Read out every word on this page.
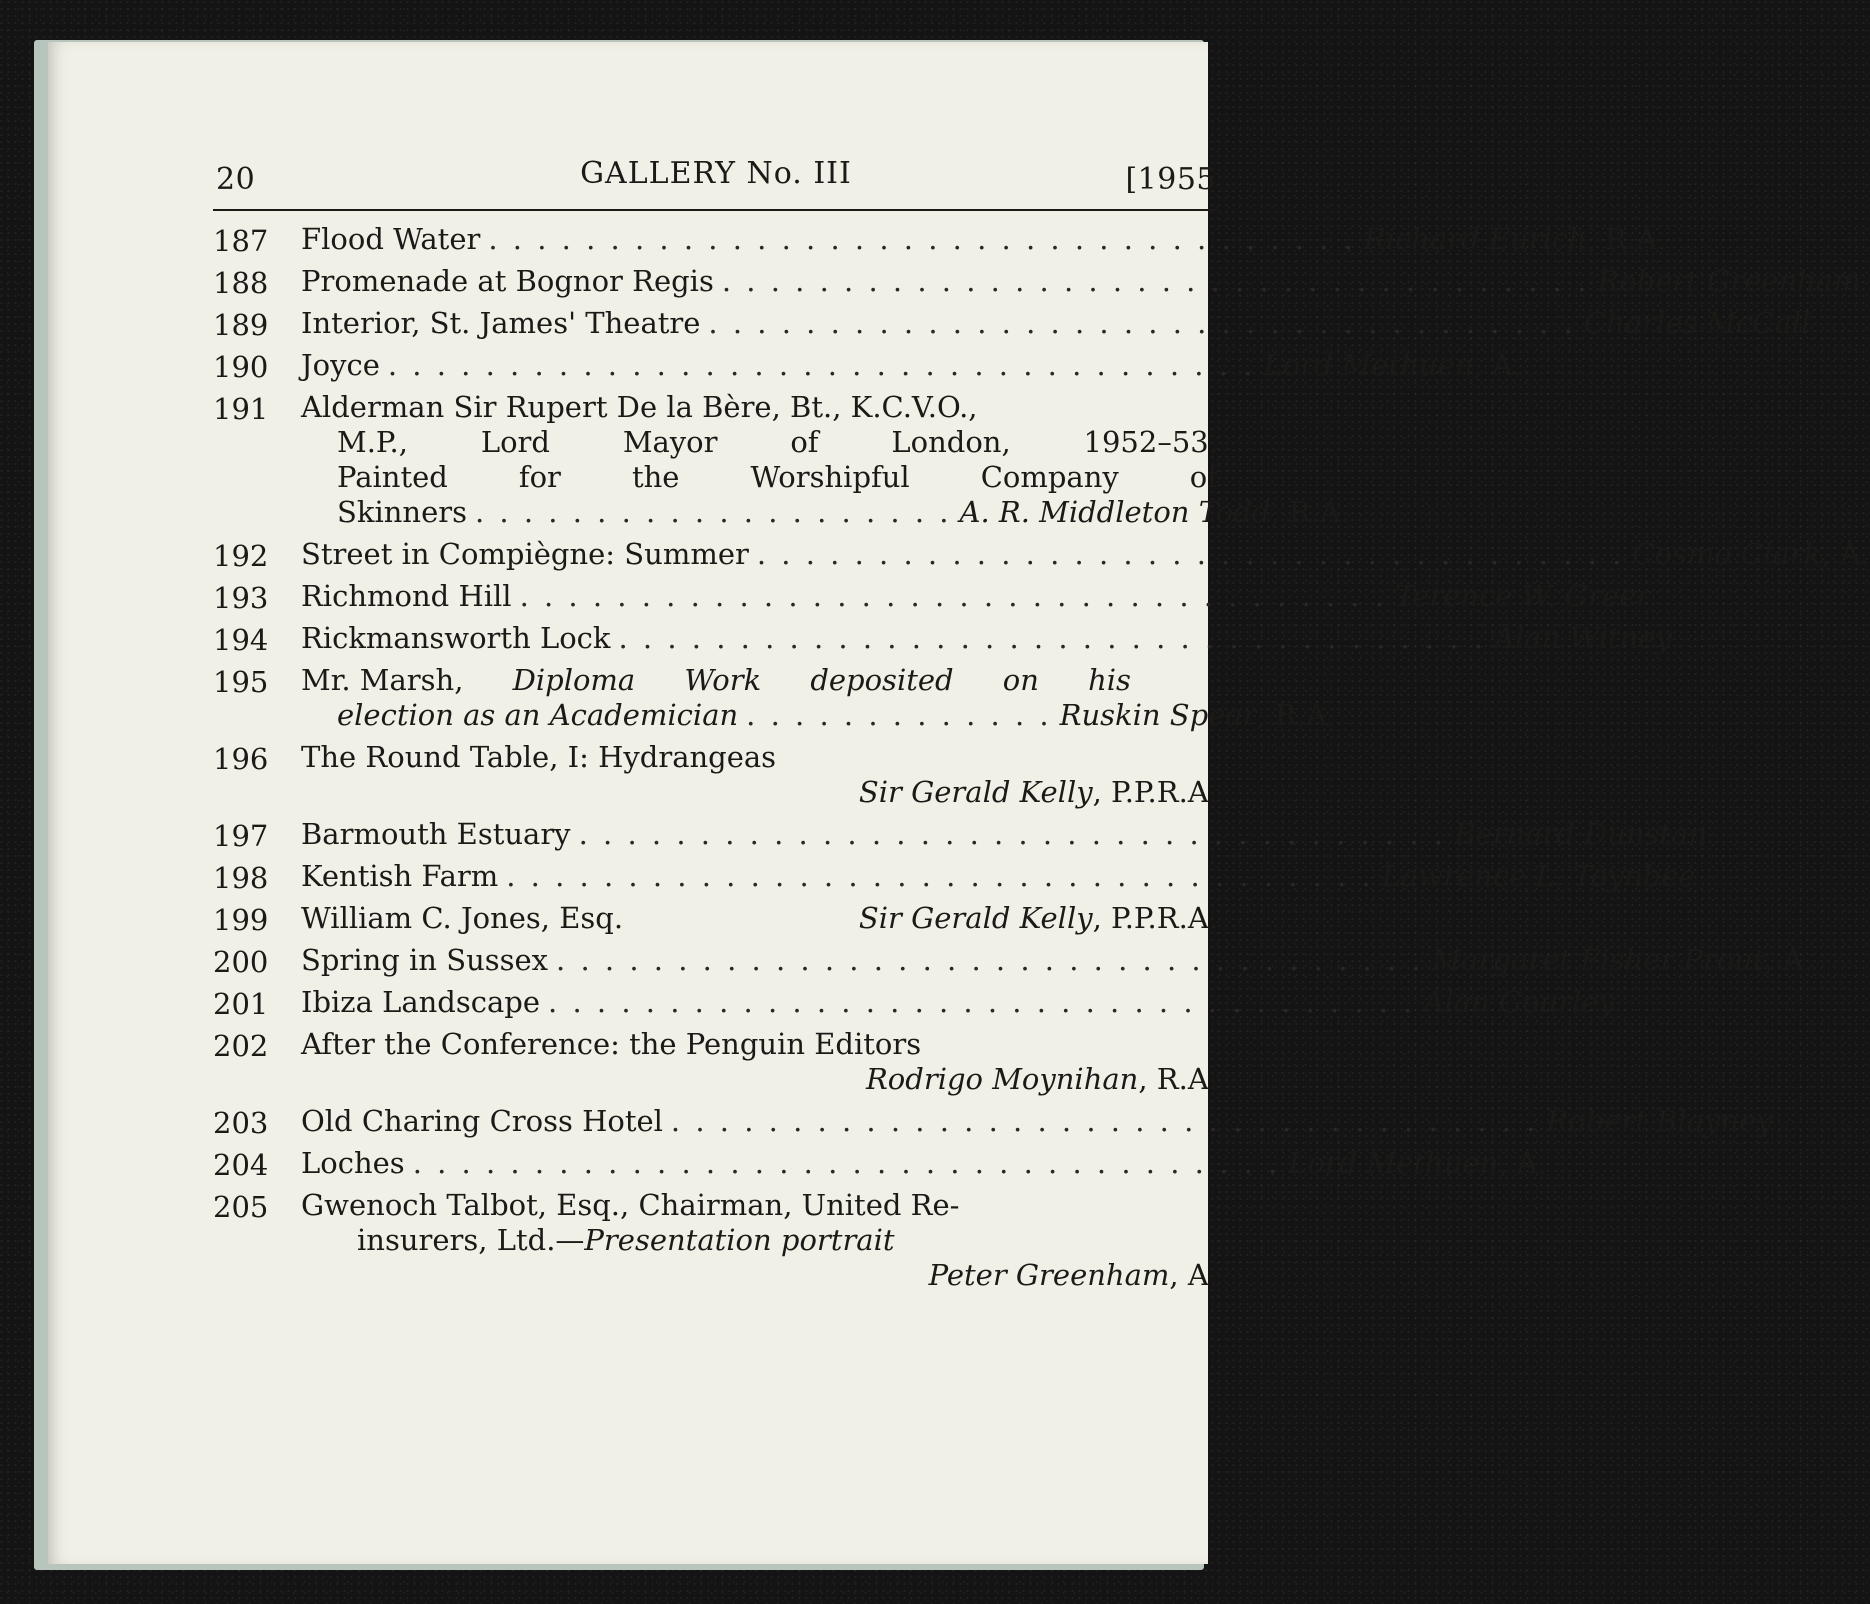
20	GALLERY No. III	[1955
187 Flood Water . . . . . . . . . . . . . . . . . . . . . . . . . . . . . . . . . . . . Richard Eurich, R.A.
188 Promenade at Bognor Regis . . . . . . . . . . . . . . . . . . . . . . . . . . . . . . . . . . . . Robert Greenham
189 Interior, St. James' Theatre . . . . . . . . . . . . . . . . . . . . . . . . . . . . . . . . . . . . Charles McCall
190 Joyce . . . . . . . . . . . . . . . . . . . . . . . . . . . . . . . . . . . . Lord Methuen, A.
191 Alderman Sir Rupert De la Bère, Bt., K.C.V.O.,
M.P.,	Lord	Mayor	of	London,	1952–53.
Painted for the Worshipful Company of
Skinners . . . . . . . . . . . . . . . . . . . . A. R. Middleton Todd, R.A.
192 Street in Compiègne: Summer . . . . . . . . . . . . . . . . . . . . . . . . . . . . . . . . . . . . Cosmo Clark, A.
193 Richmond Hill . . . . . . . . . . . . . . . . . . . . . . . . . . . . . . . . . . . . Terence W. Greer
194 Rickmansworth Lock . . . . . . . . . . . . . . . . . . . . . . . . . . . . . . . . . . . . Alan Witney
195 Mr. Marsh, Diploma Work deposited on his
election as an Academician . . . . . . . . . . . . . Ruskin Spear, R.A.
196 The Round Table, I: Hydrangeas
Sir Gerald Kelly, P.P.R.A.
197 Barmouth Estuary . . . . . . . . . . . . . . . . . . . . . . . . . . . . . . . . . . . . Bernard Dunstan
198 Kentish Farm . . . . . . . . . . . . . . . . . . . . . . . . . . . . . . . . . . . . Lawrence L. Toynbee
199 William C. Jones, Esq.	Sir Gerald Kelly, P.P.R.A.
200 Spring in Sussex . . . . . . . . . . . . . . . . . . . . . . . . . . . . . . . . . . . . Margaret Fisher Prout, A.
201 Ibiza Landscape . . . . . . . . . . . . . . . . . . . . . . . . . . . . . . . . . . . . Alan Gourley
202 After the Conference: the Penguin Editors
Rodrigo Moynihan, R.A.
203 Old Charing Cross Hotel . . . . . . . . . . . . . . . . . . . . . . . . . . . . . . . . . . . . Robert Blayney
204 Loches . . . . . . . . . . . . . . . . . . . . . . . . . . . . . . . . . . . . Lord Methuen, A.
205 Gwenoch Talbot, Esq., Chairman, United Re-
insurers, Ltd.—Presentation portrait
Peter Greenham, A.
